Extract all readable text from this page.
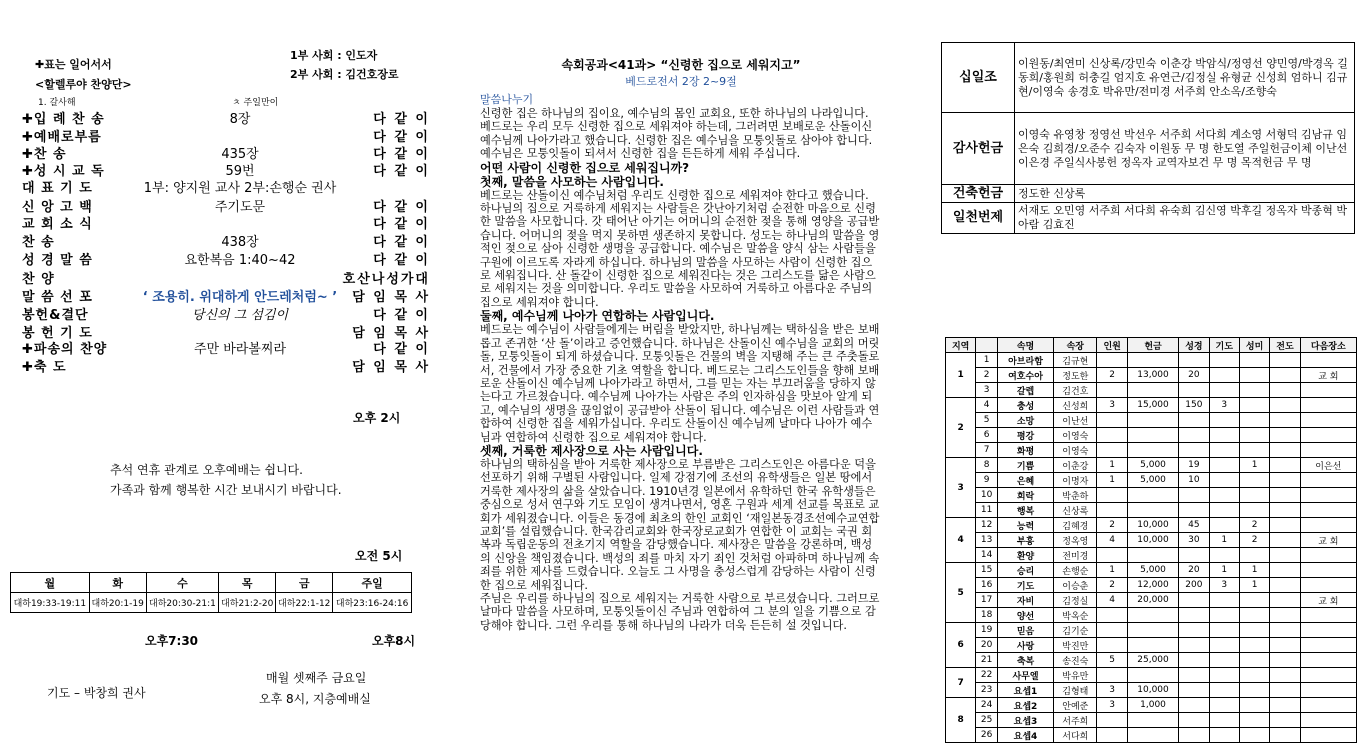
✚표는 일어서서
<할렐루야 찬양단>
1부 사회 : 인도자
2부 사회 : 김건호장로
1. 갈사해	ㅊ 주일만이
✚입 례 찬 송	8장	다 같 이
✚예배로부름	다 같 이
✚찬 송	435장	다 같 이
✚성 시 교 독	59번	다 같 이
대 표 기 도	1부: 양지원 교사 2부:손행순 권사
신 앙 고 백	주기도문	다 같 이
교 회 소 식	다 같 이
찬 송	438장	다 같 이
성 경 말 씀	요한복음 1:40~42	다 같 이
찬 양	호산나성가대
말 씀 선 포	‘ 조용히. 위대하게 안드레처럼~ ’ 담 임 목 사
봉헌&결단	당신의 그 섬김이	다 같 이
봉 헌 기 도	담 임 목 사
✚파송의 찬양	주만 바라볼찌라	다 같 이
✚축 도	담 임 목 사
오후 2시
추석 연휴 관계로 오후예배는 쉽니다.
가족과 함께 행복한 시간 보내시기 바랍니다.
오전 5시
월	화	수	목	금	주일
대하19:33-19:11	대하20:1-19	대하20:30-21:1	대하21:2-20	대하22:1-12	대하23:16-24:16
오후7:30	오후8시
기도 – 박창희 권사
매월 셋째주 금요일
오후 8시, 지층예배실
속회공과<41과> “신령한 집으로 세워지고”
베드로전서 2장 2~9절
말씀나누기

신령한 집은 하나님의 집이요, 예수님의 몸인 교회요, 또한 하나님의 나라입니다. 베드로는 우리 모두 신령한 집으로 세워져야 하는데, 그러려면 보배로운 산돌이신 예수님께 나아가라고 했습니다. 신령한 집은 예수님을 모퉁잇돌로 삼아야 합니다. 예수님은 모퉁잇돌이 되셔서 신령한 집을 든든하게 세워 주십니다.

어떤 사람이 신령한 집으로 세워집니까?

첫째, 말씀을 사모하는 사람입니다.

베드로는 산돌이신 예수님처럼 우리도 신령한 집으로 세워져야 한다고 했습니다. 하나님의 집으로 거룩하게 세워지는 사람들은 갓난아기처럼 순전한 마음으로 신령한 말씀을 사모합니다. 갓 태어난 아기는 어머니의 순전한 젖을 통해 영양을 공급받습니다. 어머니의 젖을 먹지 못하면 생존하지 못합니다. 성도는 하나님의 말씀을 영적인 젖으로 삼아 신령한 생명을 공급합니다. 예수님은 말씀을 양식 삼는 사람들을 구원에 이르도록 자라게 하십니다. 하나님의 말씀을 사모하는 사람이 신령한 집으로 세워집니다. 산 돌같이 신령한 집으로 세워진다는 것은 그리스도를 닮은 사람으로 세워지는 것을 의미합니다. 우리도 말씀을 사모하여 거룩하고 아름다운 주님의 집으로 세워져야 합니다.

둘째, 예수님께 나아가 연합하는 사람입니다.

베드로는 예수님이 사람들에게는 버림을 받았지만, 하나님께는 택하심을 받은 보배롭고 존귀한 ‘산 돌’이라고 증언했습니다. 하나님은 산돌이신 예수님을 교회의 머릿돌, 모퉁잇돌이 되게 하셨습니다. 모퉁잇돌은 건물의 벽을 지탱해 주는 큰 주춧돌로서, 건물에서 가장 중요한 기초 역할을 합니다. 베드로는 그리스도인들을 향해 보배로운 산돌이신 예수님께 나아가라고 하면서, 그를 믿는 자는 부끄러움을 당하지 않는다고 가르쳤습니다. 예수님께 나아가는 사람은 주의 인자하심을 맛보아 알게 되고, 예수님의 생명을 끊임없이 공급받아 산돌이 됩니다. 예수님은 이런 사람들과 연합하여 신령한 집을 세워가십니다. 우리도 산돌이신 예수님께 날마다 나아가 예수님과 연합하여 신령한 집으로 세워져야 합니다.

셋째, 거룩한 제사장으로 사는 사람입니다.

하나님의 택하심을 받아 거룩한 제사장으로 부름받은 그리스도인은 아름다운 덕을 선포하기 위해 구별된 사람입니다. 일제 강점기에 조선의 유학생들은 일본 땅에서 거룩한 제사장의 삶을 살았습니다. 1910년경 일본에서 유학하던 한국 유학생들은 중심으로 성서 연구와 기도 모임이 생겨나면서, 영혼 구원과 세계 선교를 목표로 교회가 세워졌습니다. 이들은 동경에 최초의 한인 교회인 ‘재일본동경조선예수교연합교회’를 설립했습니다. 한국감리교회와 한국장로교회가 연합한 이 교회는 국권 회복과 독립운동의 전초기지 역할을 감당했습니다. 제사장은 말씀을 강론하며, 백성의 신앙을 책임졌습니다. 백성의 죄를 마치 자기 죄인 것처럼 아파하며 하나님께 속죄를 위한 제사를 드렸습니다. 오늘도 그 사명을 충성스럽게 감당하는 사람이 신령한 집으로 세워집니다.

주님은 우리를 하나님의 집으로 세워지는 거룩한 사람으로 부르셨습니다. 그러므로 날마다 말씀을 사모하며, 모퉁잇돌이신 주님과 연합하여 그 분의 일을 기쁨으로 감당해야 합니다. 그런 우리를 통해 하나님의 나라가 더욱 든든히 설 것입니다.

십일조	이원동/최연미 신상록/강민숙 이춘강 박암식/정영선 양민영/박경옥 길동희/홍원희 허충길 엄지호 유연근/김정실 유형균 신성희 엄하니 김규현/이영숙 송경호 박유만/전미경 서주희 안소옥/조향숙
감사헌금	이영숙 유영창 정영선 박선우 서주희 서다희 계소영 서형덕 김남규 임은숙 김희경/오준수 김숙자 이원동 무 명 한도열 주일헌금이체 이난선 이은경 주일식사봉헌 정옥자 교역자보건 무 명 목적헌금 무 명
건축헌금	정도한 신상록
일천번제	서재도 오민영 서주희 서다희 유숙희 김신영 박후길 정옥자 박종혁 박아람 김효진
지역		속명	속장	인원	헌금	성경	기도	성미	전도	다음장소
1	1	아브라함	김규현							
	2	여호수아	정도한	2	13,000	20				교 회
	3	갈렙	김건호							
2	4	충성	신성희	3	15,000	150	3			
	5	소망	이난선							
	6	평강	이영숙							
	7	화평	이영숙							
3	8	기쁨	이춘강	1	5,000	19		1		이은선
	9	은혜	이명자	1	5,000	10				
	10	희락	박춘하							
	11	행복	신상록							
4	12	능력	김혜경	2	10,000	45		2		
	13	부흥	정옥영	4	10,000	30	1	2		교 회
	14	환양	전미경							
5	15	승리	손행순	1	5,000	20	1	1		
	16	기도	이승춘	2	12,000	200	3	1		
	17	자비	김정실	4	20,000					교 회
	18	양선	박옥순							
6	19	믿음	김기순							
	20	사랑	박진만							
	21	축복	송진숙	5	25,000					
7	22	사무엘	박유만							
	23	요셉1	김형태	3	10,000					
8	24	요셉2	안예준	3	1,000					
	25	요셉3	서주희							
	26	요셉4	서다희							
